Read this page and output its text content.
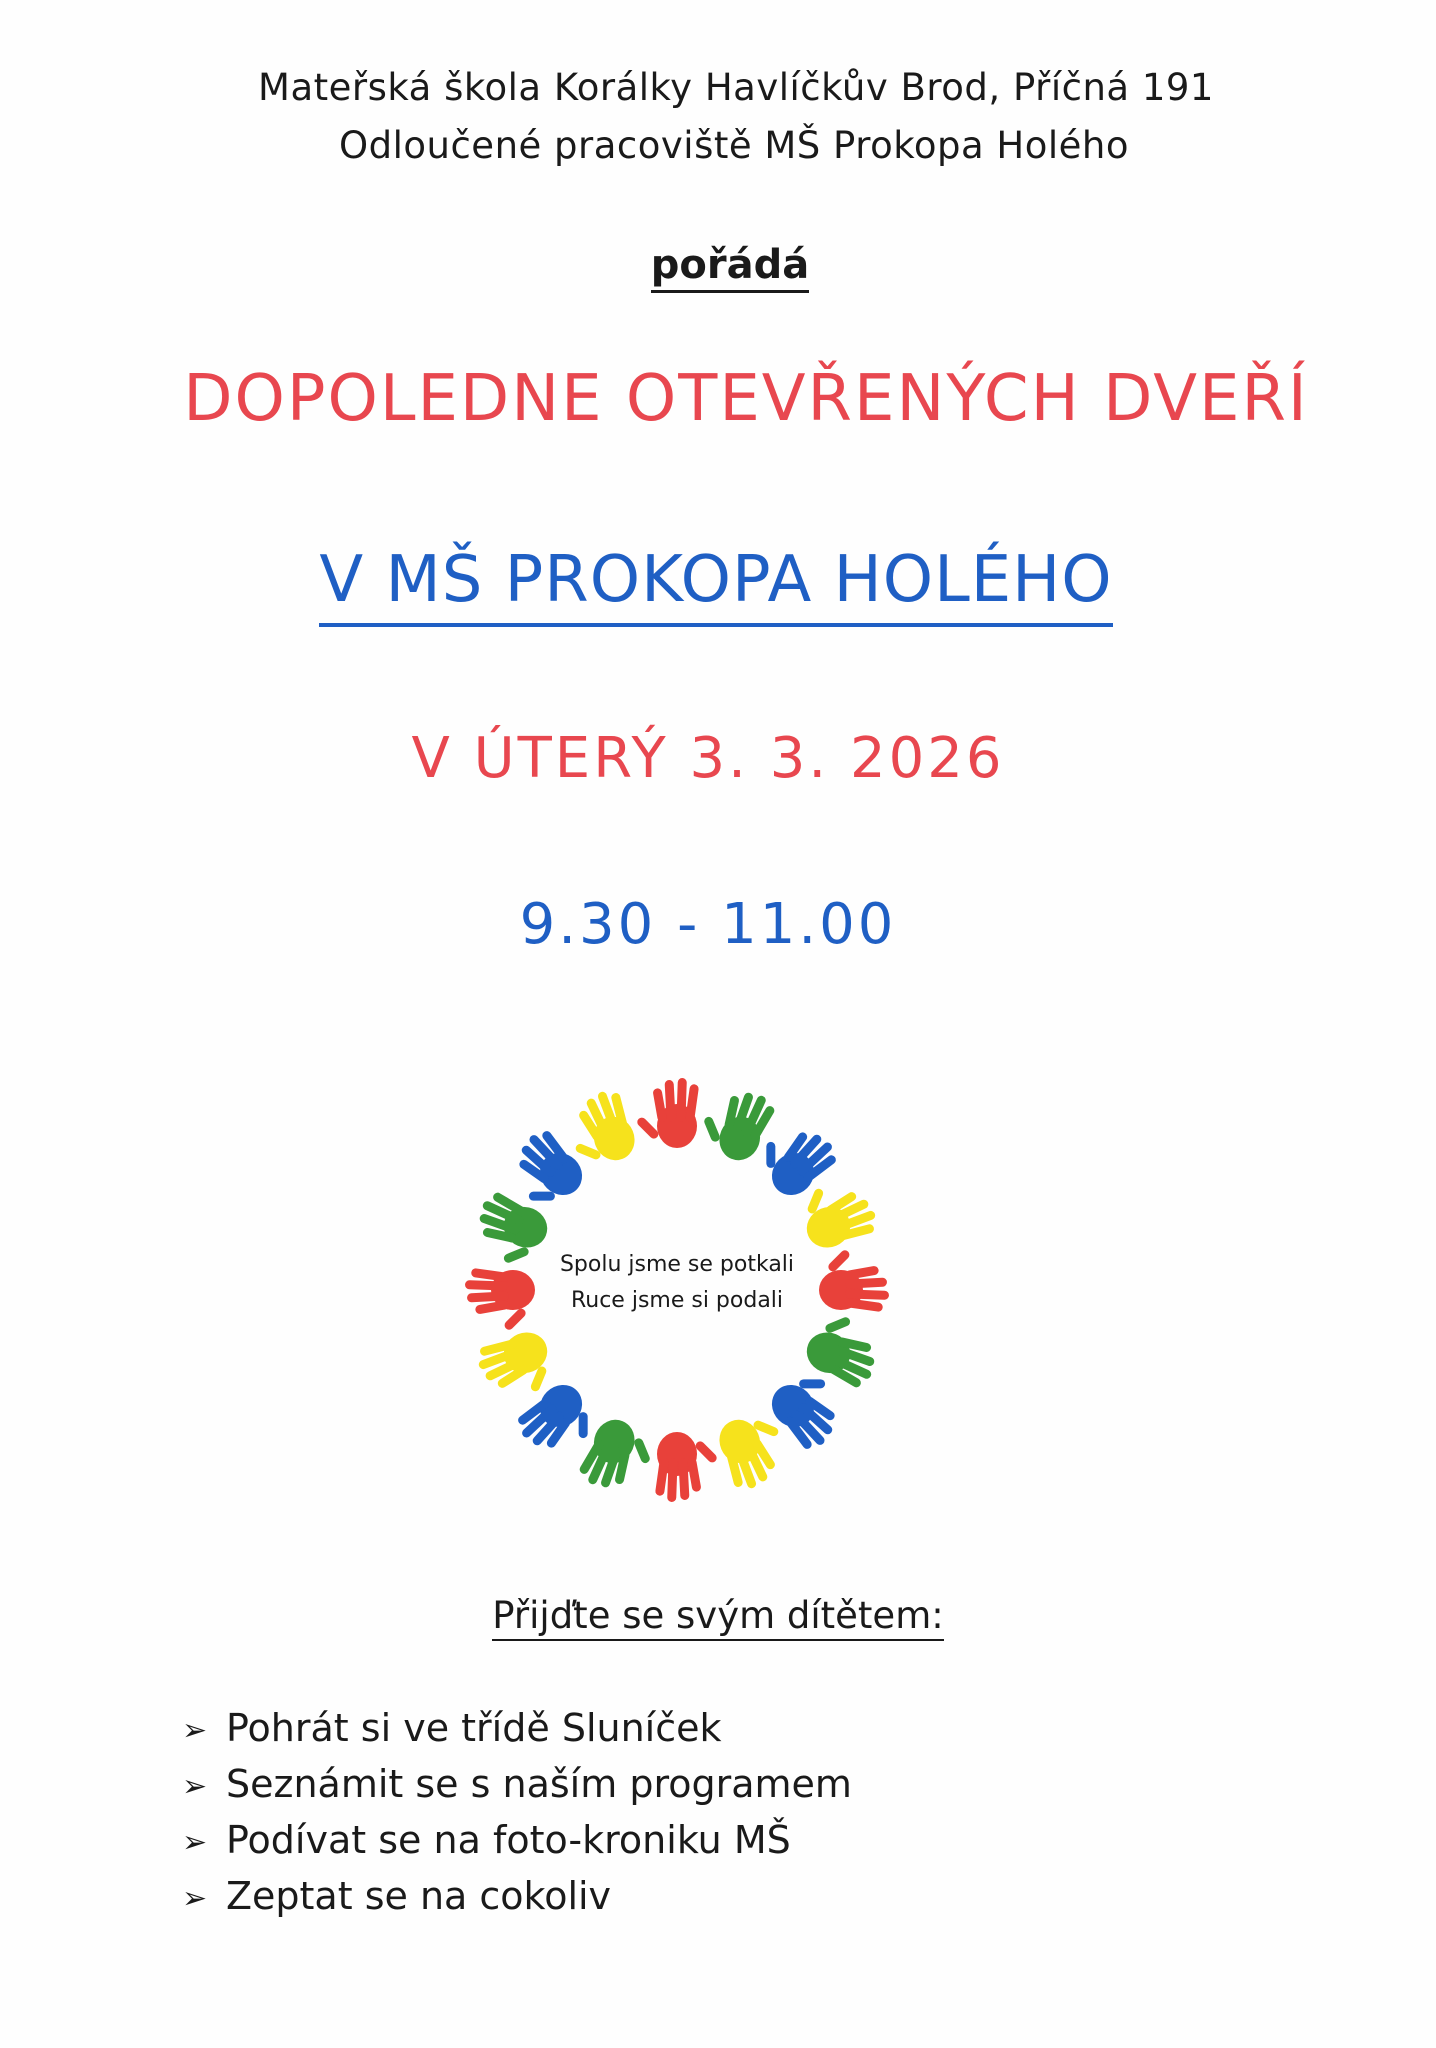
Mateřská škola Korálky Havlíčkův Brod, Příčná 191
Odloučené pracoviště MŠ Prokopa Holého
pořádá
DOPOLEDNE OTEVŘENÝCH DVEŘÍ
V MŠ PROKOPA HOLÉHO
V ÚTERÝ 3. 3. 2026
9.30 - 11.00
Spolu jsme se potkali
Ruce jsme si podali
Přijďte se svým dítětem:
➢ Pohrát si ve třídě Sluníček
➢ Seznámit se s naším programem
➢ Podívat se na foto-kroniku MŠ
➢ Zeptat se na cokoliv
